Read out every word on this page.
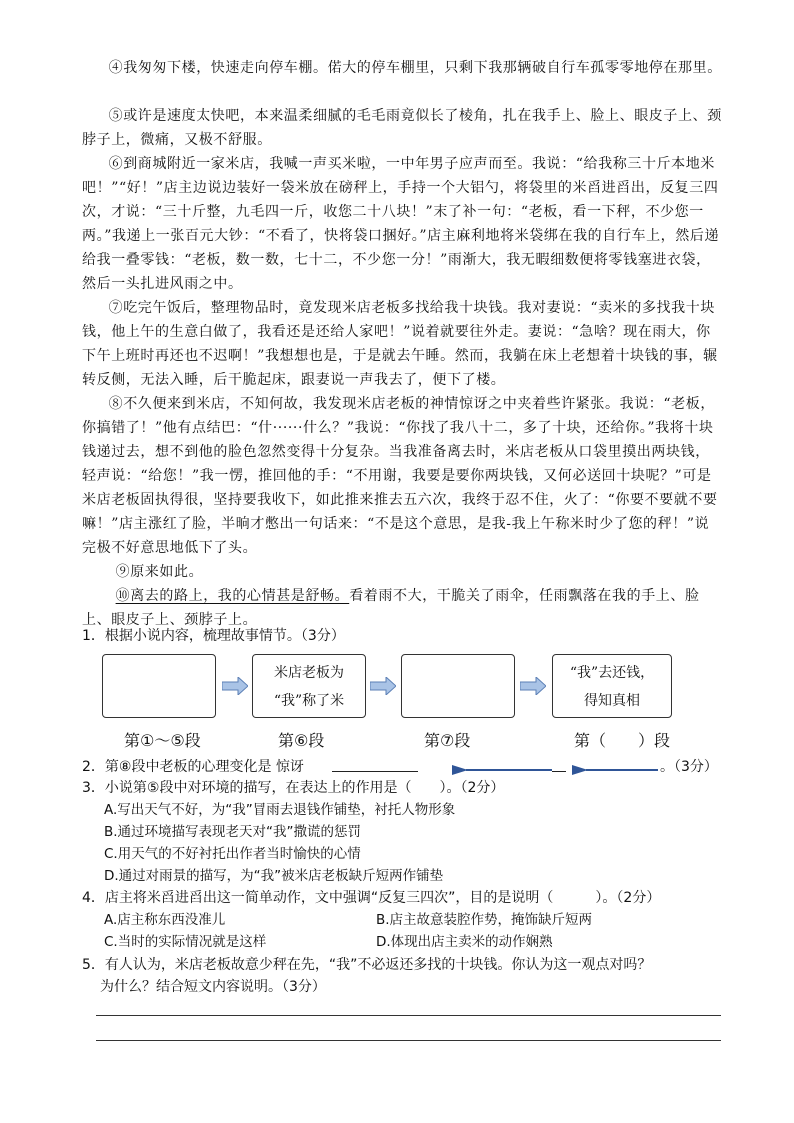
④我匆匆下楼，快速走向停车棚。偌大的停车棚里，只剩下我那辆破自行车孤零零地停在那里。
⑤或许是速度太快吧，本来温柔细腻的毛毛雨竟似长了棱角，扎在我手上、脸上、眼皮子上、颈脖子上，微痛，又极不舒服。
⑥到商城附近一家米店，我喊一声买米啦，一中年男子应声而至。我说：“给我称三十斤本地米吧！”“好！”店主边说边装好一袋米放在磅秤上，手持一个大铝勺，将袋里的米舀进舀出，反复三四次，才说：“三十斤整，九毛四一斤，收您二十八块！”末了补一句：“老板，看一下秤，不少您一两。”我递上一张百元大钞：“不看了，快将袋口捆好。”店主麻利地将米袋绑在我的自行车上，然后递给我一叠零钱：“老板，数一数，七十二，不少您一分！”雨渐大，我无暇细数便将零钱塞进衣袋，然后一头扎进风雨之中。
⑦吃完午饭后，整理物品时，竟发现米店老板多找给我十块钱。我对妻说：“卖米的多找我十块钱，他上午的生意白做了，我看还是还给人家吧！”说着就要往外走。妻说：“急啥？现在雨大，你下午上班时再还也不迟啊！”我想想也是，于是就去午睡。然而，我躺在床上老想着十块钱的事，辗转反侧，无法入睡，后干脆起床，跟妻说一声我去了，便下了楼。
⑧不久便来到米店，不知何故，我发现米店老板的神情惊讶之中夹着些许紧张。我说：“老板，你搞错了！”他有点结巴：“什······什么？”我说：“你找了我八十二，多了十块，还给你。”我将十块钱递过去，想不到他的脸色忽然变得十分复杂。当我准备离去时，米店老板从口袋里摸出两块钱，轻声说：“给您！”我一愣，推回他的手：“不用谢，我要是要你两块钱，又何必送回十块呢？”可是米店老板固执得很，坚持要我收下，如此推来推去五六次，我终于忍不住，火了：“你要不要就不要嘛！”店主涨红了脸，半晌才憋出一句话来：“不是这个意思，是我-我上午称米时少了您的秤！”说完极不好意思地低下了头。
⑨原来如此。
⑩离去的路上，我的心情甚是舒畅。看着雨不大，干脆关了雨伞，任雨飘落在我的手上、脸上、眼皮子上、颈脖子上。
1．根据小说内容，梳理故事情节。（3分）
米店老板为
“我”称了米
“我”去还钱，
得知真相
第①～⑤段	第⑥段	第⑦段	第（　　）段
2．第⑧段中老板的心理变化是 惊讶	。（3分）
3．小说第⑤段中对环境的描写，在表达上的作用是（　　）。（2分）
A.写出天气不好，为“我”冒雨去退钱作铺垫，衬托人物形象
B.通过环境描写表现老天对“我”撒谎的惩罚
C.用天气的不好衬托出作者当时愉快的心情
D.通过对雨景的描写，为“我”被米店老板缺斤短两作铺垫
4．店主将米舀进舀出这一简单动作，文中强调“反复三四次”，目的是说明（　　　）。（2分）
A.店主称东西没准儿	B.店主故意装腔作势，掩饰缺斤短两
C.当时的实际情况就是这样	D.体现出店主卖米的动作娴熟
5．有人认为，米店老板故意少秤在先，“我”不必返还多找的十块钱。你认为这一观点对吗？
为什么？结合短文内容说明。（3分）
